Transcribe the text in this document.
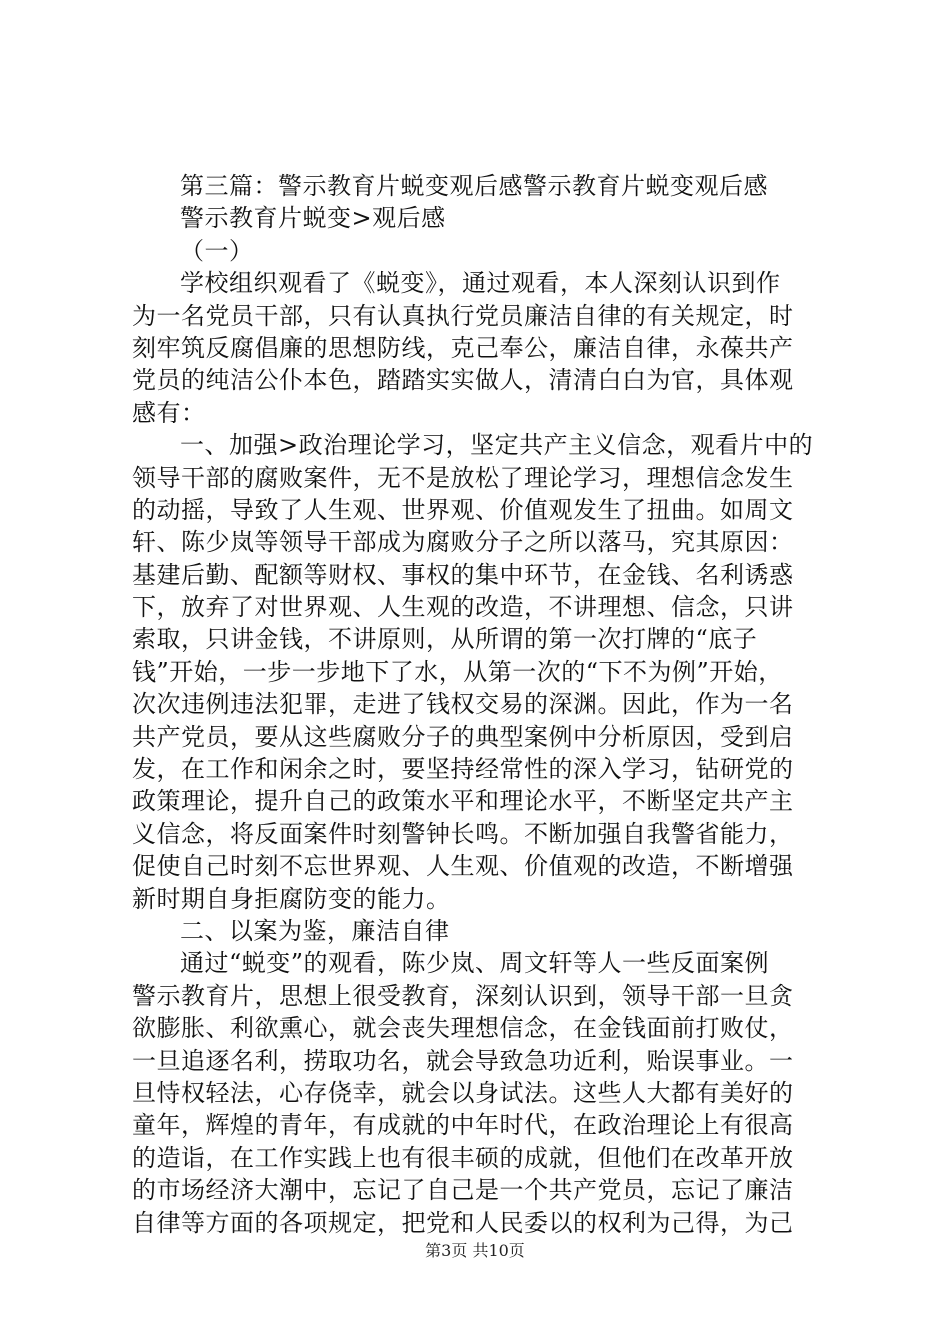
第三篇：警示教育片蜕变观后感警示教育片蜕变观后感

警示教育片蜕变>观后感

（一）

学校组织观看了《蜕变》，通过观看，本人深刻认识到作

为一名党员干部，只有认真执行党员廉洁自律的有关规定，时

刻牢筑反腐倡廉的思想防线，克己奉公，廉洁自律，永葆共产

党员的纯洁公仆本色，踏踏实实做人，清清白白为官，具体观

感有：

一、加强>政治理论学习，坚定共产主义信念，观看片中的

领导干部的腐败案件，无不是放松了理论学习，理想信念发生

的动摇，导致了人生观、世界观、价值观发生了扭曲。如周文

轩、陈少岚等领导干部成为腐败分子之所以落马，究其原因：

基建后勤、配额等财权、事权的集中环节，在金钱、名利诱惑

下，放弃了对世界观、人生观的改造，不讲理想、信念，只讲

索取，只讲金钱，不讲原则，从所谓的第一次打牌的“底子

钱”开始，一步一步地下了水，从第一次的“下不为例”开始，

次次违例违法犯罪，走进了钱权交易的深渊。因此，作为一名

共产党员，要从这些腐败分子的典型案例中分析原因，受到启

发，在工作和闲余之时，要坚持经常性的深入学习，钻研党的

政策理论，提升自己的政策水平和理论水平，不断坚定共产主

义信念，将反面案件时刻警钟长鸣。不断加强自我警省能力，

促使自己时刻不忘世界观、人生观、价值观的改造，不断增强

新时期自身拒腐防变的能力。

二、以案为鉴，廉洁自律

通过“蜕变”的观看，陈少岚、周文轩等人一些反面案例

警示教育片，思想上很受教育，深刻认识到，领导干部一旦贪

欲膨胀、利欲熏心，就会丧失理想信念，在金钱面前打败仗，

一旦追逐名利，捞取功名，就会导致急功近利，贻误事业。一

旦恃权轻法，心存侥幸，就会以身试法。这些人大都有美好的

童年，辉煌的青年，有成就的中年时代，在政治理论上有很高

的造诣，在工作实践上也有很丰硕的成就，但他们在改革开放

的市场经济大潮中，忘记了自己是一个共产党员，忘记了廉洁

自律等方面的各项规定，把党和人民委以的权利为己得，为己

第3页 共10页
